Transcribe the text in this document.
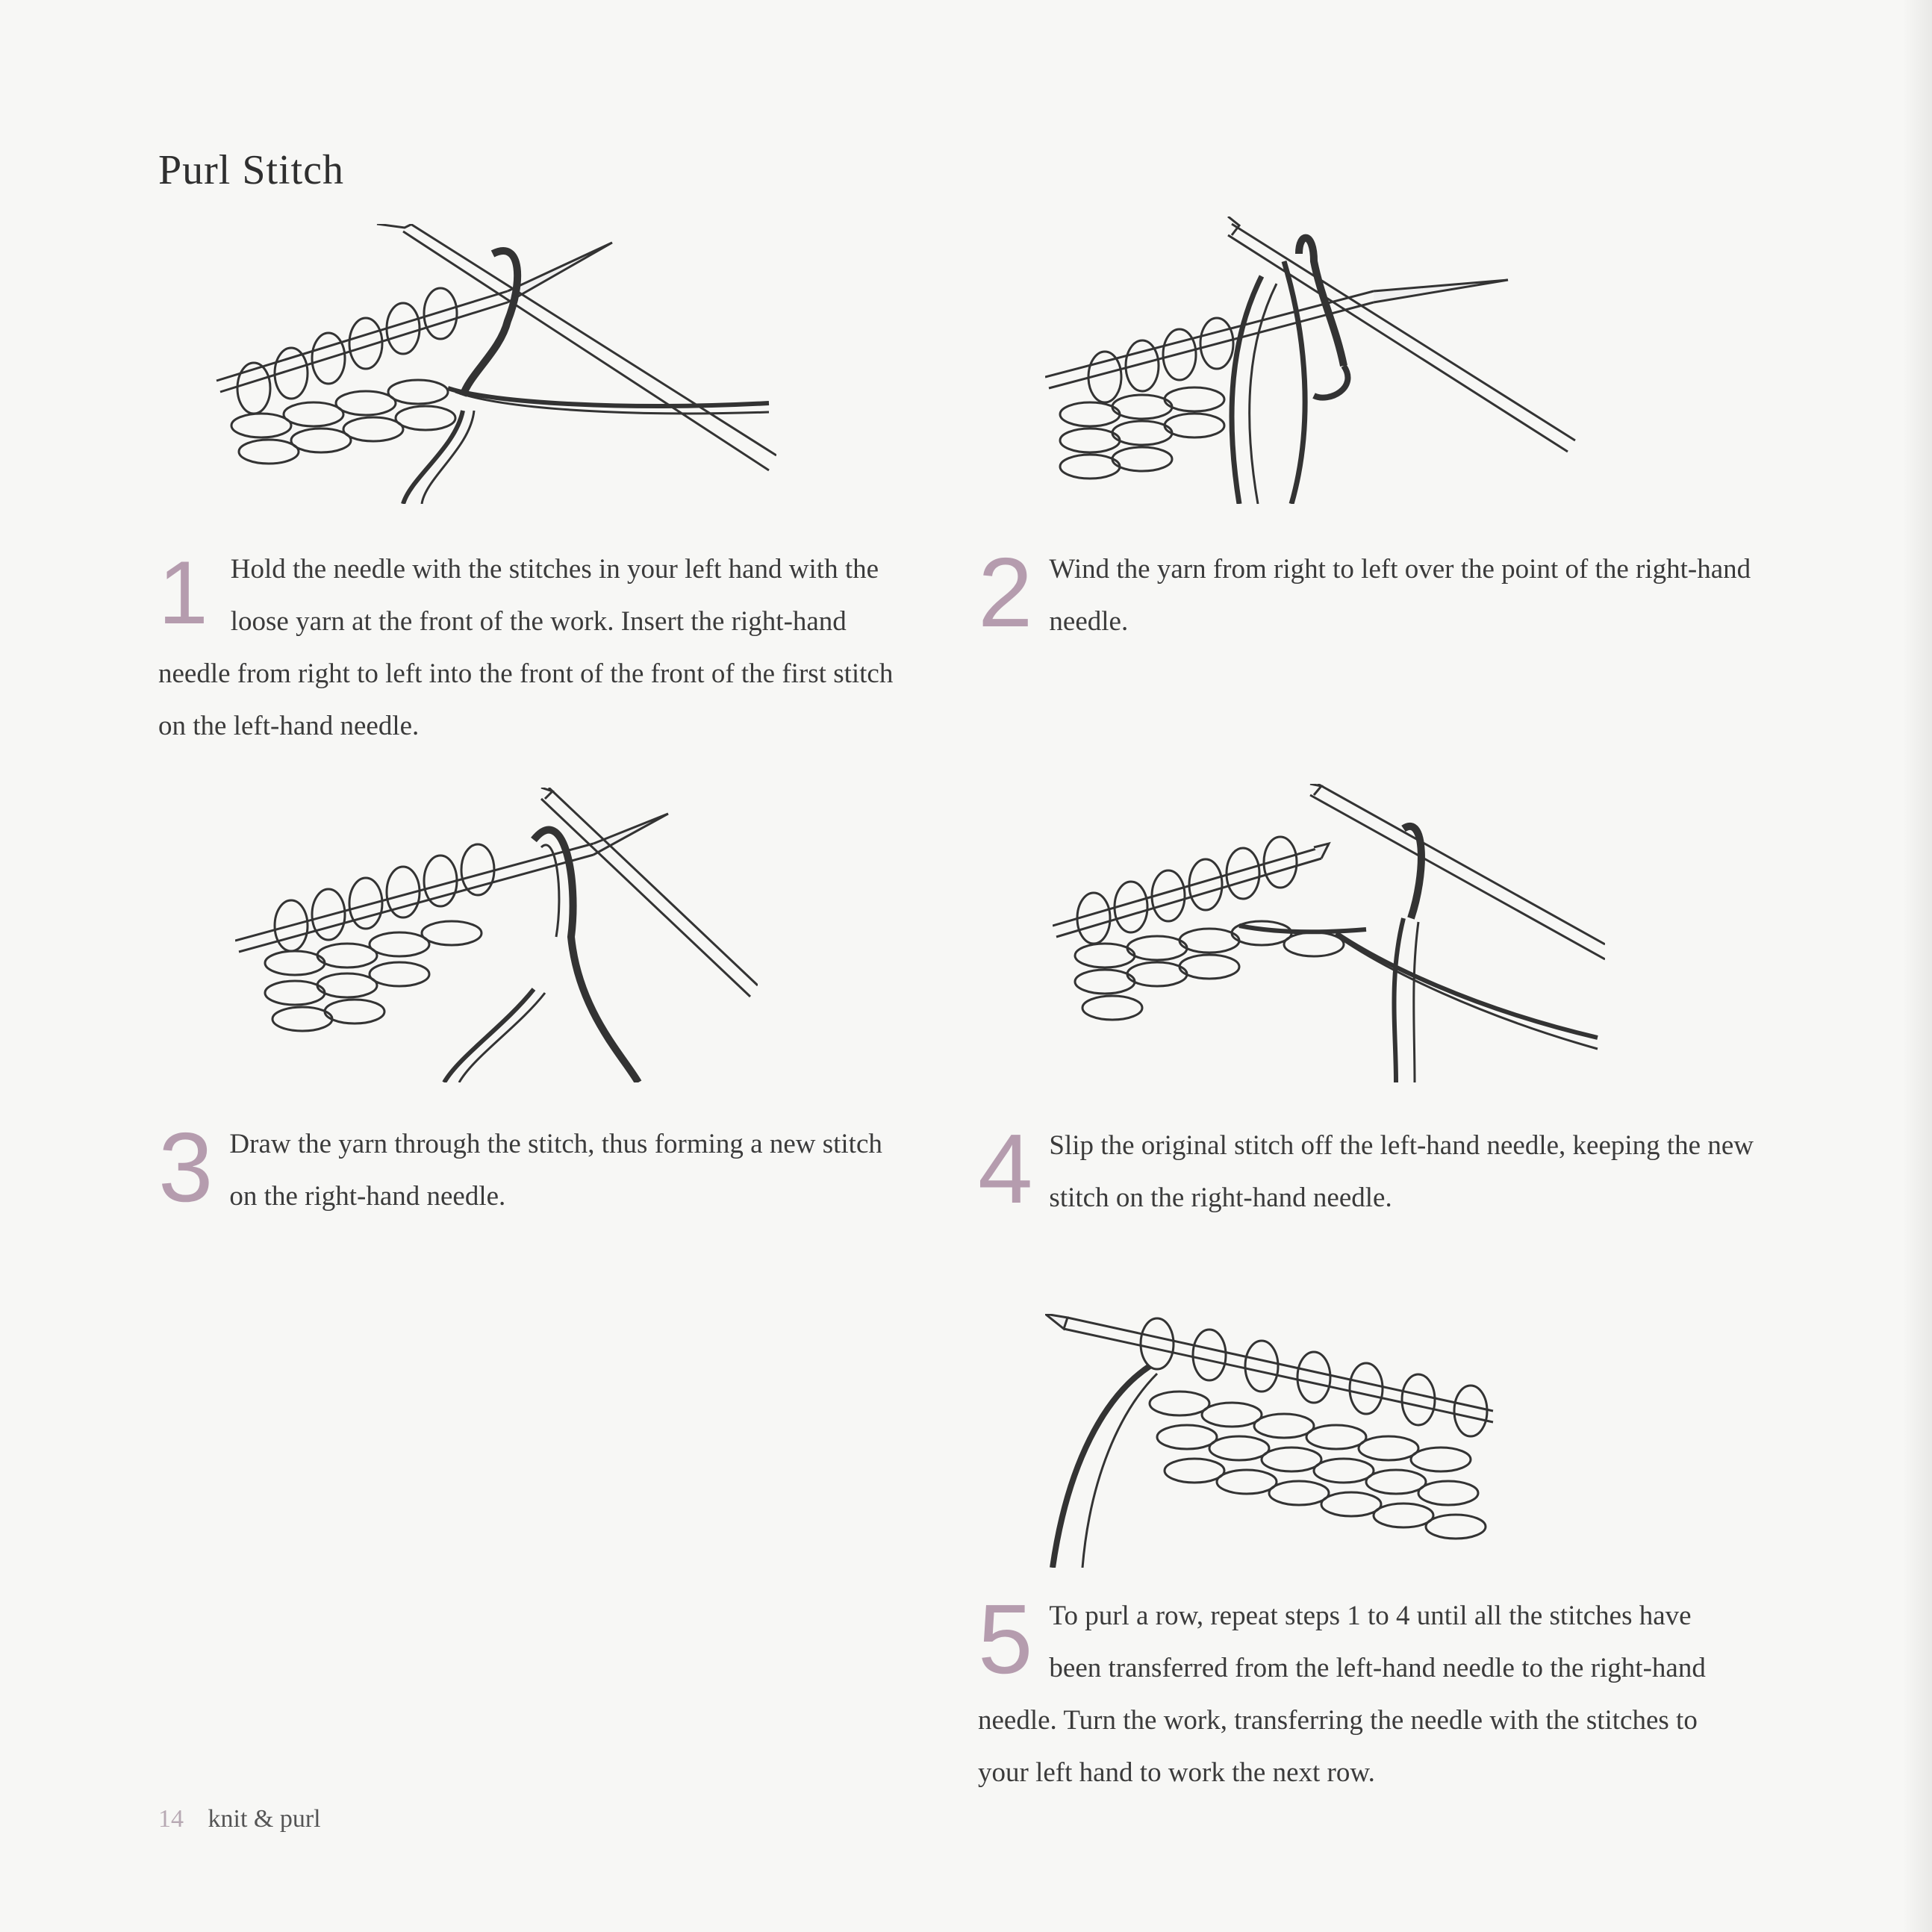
Purl Stitch
1 Hold the needle with the stitches in your left hand with the loose yarn at the front of the work. Insert the right-hand needle from right to left into the front of the front of the first stitch on the left-hand needle.
2 Wind the yarn from right to left over the point of the right-hand needle.
3 Draw the yarn through the stitch, thus forming a new stitch on the right-hand needle.	4 Slip the original stitch off the left-hand needle, keeping the new stitch on the right-hand needle.
5 To purl a row, repeat steps 1 to 4 until all the stitches have been transferred from the left-hand needle to the right-hand needle. Turn the work, transferring the needle with the stitches to your left hand to work the next row.
14 knit & purl
